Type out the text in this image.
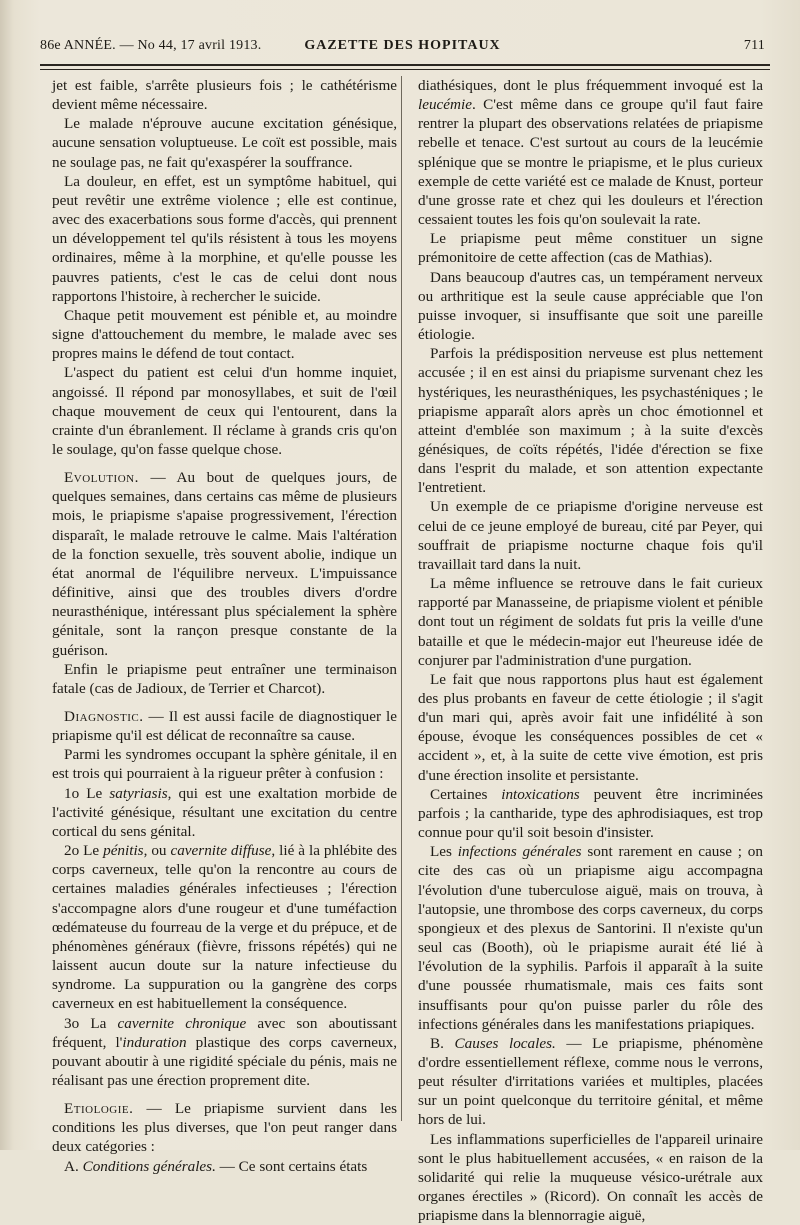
86e ANNÉE. — No 44, 17 avril 1913.	GAZETTE DES HOPITAUX	711

jet est faible, s'arrête plusieurs fois ; le cathétérisme devient même nécessaire.

Le malade n'éprouve aucune excitation génésique, aucune sensation voluptueuse. Le coït est possible, mais ne soulage pas, ne fait qu'exaspérer la souffrance.

La douleur, en effet, est un symptôme habituel, qui peut revêtir une extrême violence ; elle est continue, avec des exacerbations sous forme d'accès, qui prennent un développement tel qu'ils résistent à tous les moyens ordinaires, même à la morphine, et qu'elle pousse les pauvres patients, c'est le cas de celui dont nous rapportons l'histoire, à rechercher le suicide.

Chaque petit mouvement est pénible et, au moindre signe d'attouchement du membre, le malade avec ses propres mains le défend de tout contact.

L'aspect du patient est celui d'un homme inquiet, angoissé. Il répond par monosyllabes, et suit de l'œil chaque mouvement de ceux qui l'entourent, dans la crainte d'un ébranlement. Il réclame à grands cris qu'on le soulage, qu'on fasse quelque chose.

Evolution. — Au bout de quelques jours, de quelques semaines, dans certains cas même de plusieurs mois, le priapisme s'apaise progressivement, l'érection disparaît, le malade retrouve le calme. Mais l'altération de la fonction sexuelle, très souvent abolie, indique un état anormal de l'équilibre nerveux. L'impuissance définitive, ainsi que des troubles divers d'ordre neurasthénique, intéressant plus spécialement la sphère génitale, sont la rançon presque constante de la guérison.

Enfin le priapisme peut entraîner une terminaison fatale (cas de Jadioux, de Terrier et Charcot).

Diagnostic. — Il est aussi facile de diagnostiquer le priapisme qu'il est délicat de reconnaître sa cause.

Parmi les syndromes occupant la sphère génitale, il en est trois qui pourraient à la rigueur prêter à confusion :

1o Le satyriasis, qui est une exaltation morbide de l'activité génésique, résultant une excitation du centre cortical du sens génital.

2o Le pénitis, ou cavernite diffuse, lié à la phlébite des corps caverneux, telle qu'on la rencontre au cours de certaines maladies générales infectieuses ; l'érection s'accompagne alors d'une rougeur et d'une tuméfaction œdémateuse du fourreau de la verge et du prépuce, et de phénomènes généraux (fièvre, frissons répétés) qui ne laissent aucun doute sur la nature infectieuse du syndrome. La suppuration ou la gangrène des corps caverneux en est habituellement la conséquence.

3o La cavernite chronique avec son aboutissant fréquent, l'induration plastique des corps caverneux, pouvant aboutir à une rigidité spéciale du pénis, mais ne réalisant pas une érection proprement dite.

Etiologie. — Le priapisme survient dans les conditions les plus diverses, que l'on peut ranger dans deux catégories :

A. Conditions générales. — Ce sont certains états

diathésiques, dont le plus fréquemment invoqué est la leucémie. C'est même dans ce groupe qu'il faut faire rentrer la plupart des observations relatées de priapisme rebelle et tenace. C'est surtout au cours de la leucémie splénique que se montre le priapisme, et le plus curieux exemple de cette variété est ce malade de Knust, porteur d'une grosse rate et chez qui les douleurs et l'érection cessaient toutes les fois qu'on soulevait la rate.

Le priapisme peut même constituer un signe prémonitoire de cette affection (cas de Mathias).

Dans beaucoup d'autres cas, un tempérament nerveux ou arthritique est la seule cause appréciable que l'on puisse invoquer, si insuffisante que soit une pareille étiologie.

Parfois la prédisposition nerveuse est plus nettement accusée ; il en est ainsi du priapisme survenant chez les hystériques, les neurasthéniques, les psychasténiques ; le priapisme apparaît alors après un choc émotionnel et atteint d'emblée son maximum ; à la suite d'excès génésiques, de coïts répétés, l'idée d'érection se fixe dans l'esprit du malade, et son attention expectante l'entretient.

Un exemple de ce priapisme d'origine nerveuse est celui de ce jeune employé de bureau, cité par Peyer, qui souffrait de priapisme nocturne chaque fois qu'il travaillait tard dans la nuit.

La même influence se retrouve dans le fait curieux rapporté par Manasseine, de priapisme violent et pénible dont tout un régiment de soldats fut pris la veille d'une bataille et que le médecin-major eut l'heureuse idée de conjurer par l'administration d'une purgation.

Le fait que nous rapportons plus haut est également des plus probants en faveur de cette étiologie ; il s'agit d'un mari qui, après avoir fait une infidélité à son épouse, évoque les conséquences possibles de cet « accident », et, à la suite de cette vive émotion, est pris d'une érection insolite et persistante.

Certaines intoxications peuvent être incriminées parfois ; la cantharide, type des aphrodisiaques, est trop connue pour qu'il soit besoin d'insister.

Les infections générales sont rarement en cause ; on cite des cas où un priapisme aigu accompagna l'évolution d'une tuberculose aiguë, mais on trouva, à l'autopsie, une thrombose des corps caverneux, du corps spongieux et des plexus de Santorini. Il n'existe qu'un seul cas (Booth), où le priapisme aurait été lié à l'évolution de la syphilis. Parfois il apparaît à la suite d'une poussée rhumatismale, mais ces faits sont insuffisants pour qu'on puisse parler du rôle des infections générales dans les manifestations priapiques.

B. Causes locales. — Le priapisme, phénomène d'ordre essentiellement réflexe, comme nous le verrons, peut résulter d'irritations variées et multiples, placées sur un point quelconque du territoire génital, et même hors de lui.

Les inflammations superficielles de l'appareil urinaire sont le plus habituellement accusées, « en raison de la solidarité qui relie la muqueuse vésico-urétrale aux organes érectiles » (Ricord). On connaît les accès de priapisme dans la blennorragie aiguë,
